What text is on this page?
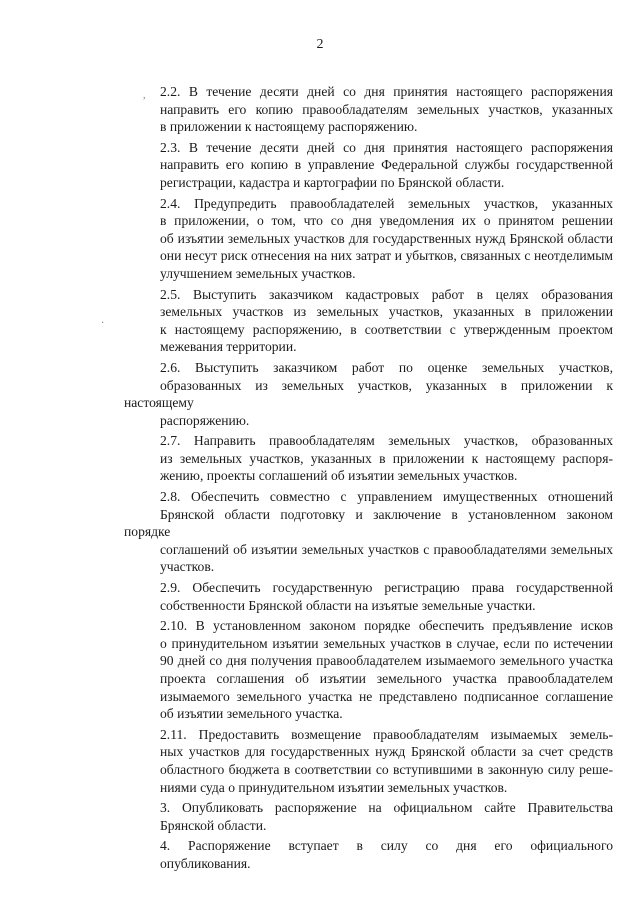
2
,
·
2.2. В течение десяти дней со дня принятия настоящего распоряжения
направить его копию правообладателям земельных участков, указанных
в приложении к настоящему распоряжению.
2.3. В течение десяти дней со дня принятия настоящего распоряжения
направить его копию в управление Федеральной службы государственной
регистрации, кадастра и картографии по Брянской области.
2.4. Предупредить правообладателей земельных участков, указанных
в приложении, о том, что со дня уведомления их о принятом решении
об изъятии земельных участков для государственных нужд Брянской области
они несут риск отнесения на них затрат и убытков, связанных с неотделимым
улучшением земельных участков.
2.5. Выступить заказчиком кадастровых работ в целях образования
земельных участков из земельных участков, указанных в приложении
к настоящему распоряжению, в соответствии с утвержденным проектом
межевания территории.
2.6. Выступить заказчиком работ по оценке земельных участков,
образованных из земельных участков, указанных в приложении к настоящему
распоряжению.
2.7. Направить правообладателям земельных участков, образованных
из земельных участков, указанных в приложении к настоящему распоря-
жению, проекты соглашений об изъятии земельных участков.
2.8. Обеспечить совместно с управлением имущественных отношений
Брянской области подготовку и заключение в установленном законом порядке
соглашений об изъятии земельных участков с правообладателями земельных
участков.
2.9. Обеспечить государственную регистрацию права государственной
собственности Брянской области на изъятые земельные участки.
2.10. В установленном законом порядке обеспечить предъявление исков
о принудительном изъятии земельных участков в случае, если по истечении
90 дней со дня получения правообладателем изымаемого земельного участка
проекта соглашения об изъятии земельного участка правообладателем
изымаемого земельного участка не представлено подписанное соглашение
об изъятии земельного участка.
2.11. Предоставить возмещение правообладателям изымаемых земель-
ных участков для государственных нужд Брянской области за счет средств
областного бюджета в соответствии со вступившими в законную силу реше-
ниями суда о принудительном изъятии земельных участков.
3. Опубликовать распоряжение на официальном сайте Правительства
Брянской области.
4. Распоряжение вступает в силу со дня его официального
опубликования.
